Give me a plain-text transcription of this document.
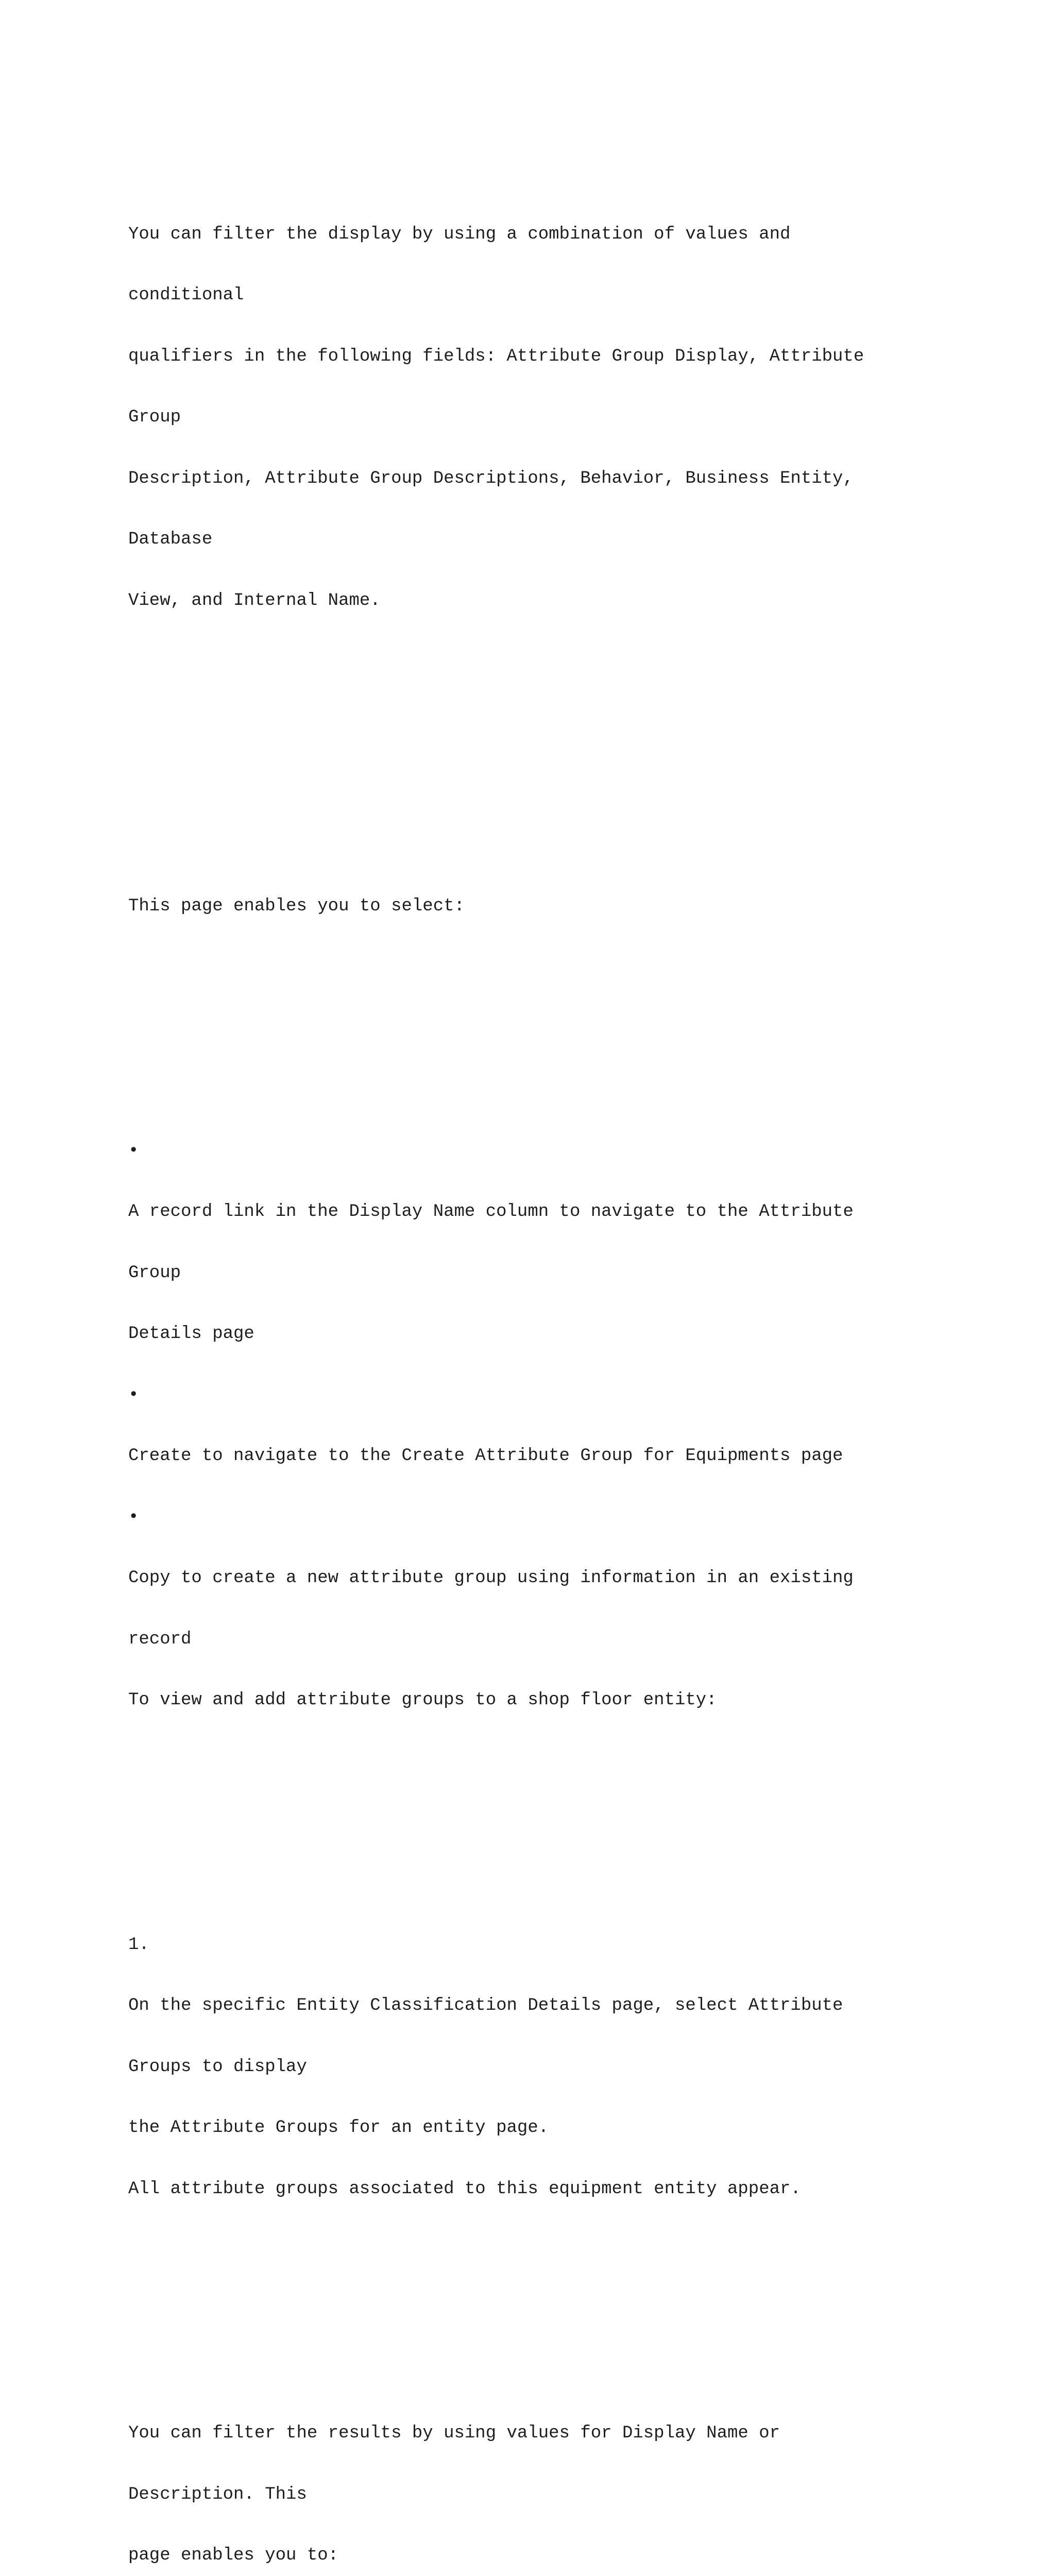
You can filter the display by using a combination of values and

conditional

qualifiers in the following fields: Attribute Group Display, Attribute

Group

Description, Attribute Group Descriptions, Behavior, Business Entity,

Database

View, and Internal Name.

This page enables you to select:

•

A record link in the Display Name column to navigate to the Attribute

Group

Details page

•

Create to navigate to the Create Attribute Group for Equipments page

•

Copy to create a new attribute group using information in an existing

record

To view and add attribute groups to a shop floor entity:

1.

On the specific Entity Classification Details page, select Attribute

Groups to display

the Attribute Groups for an entity page.

All attribute groups associated to this equipment entity appear.

You can filter the results by using values for Display Name or

Description. This

page enables you to:
